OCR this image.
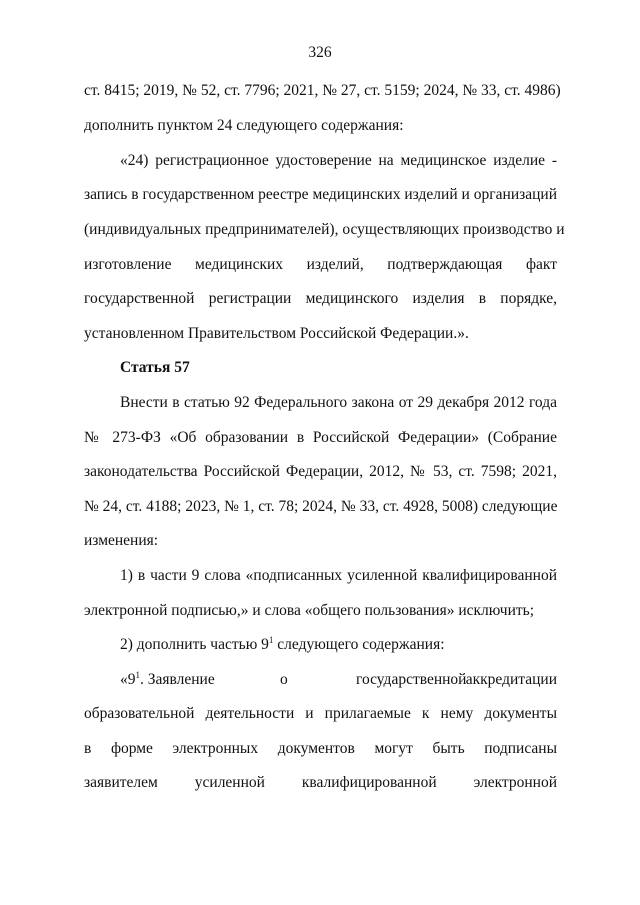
326
ст. 8415; 2019, № 52, ст. 7796; 2021, № 27, ст. 5159; 2024, № 33, ст. 4986)
дополнить пунктом 24 следующего содержания:
«24) регистрационное удостоверение на медицинское изделие -
запись в государственном реестре медицинских изделий и организаций
(индивидуальных предпринимателей), осуществляющих производство и
изготовление медицинских изделий, подтверждающая факт
государственной регистрации медицинского изделия в порядке,
установленном Правительством Российской Федерации.».
Статья 57
Внести в статью 92 Федерального закона от 29 декабря 2012 года
№ 273-ФЗ «Об образовании в Российской Федерации» (Собрание
законодательства Российской Федерации, 2012, № 53, ст. 7598; 2021,
№ 24, ст. 4188; 2023, № 1, ст. 78; 2024, № 33, ст. 4928, 5008) следующие
изменения:
1) в части 9 слова «подписанных усиленной квалифицированной
электронной подписью,» и слова «общего пользования» исключить;
2) дополнить частью $9^1$ следующего содержания:
«$9^1$. Заявление	о	государственной аккредитации
образовательной деятельности и прилагаемые к нему документы
в форме электронных документов могут быть подписаны
заявителем усиленной квалифицированной электронной
